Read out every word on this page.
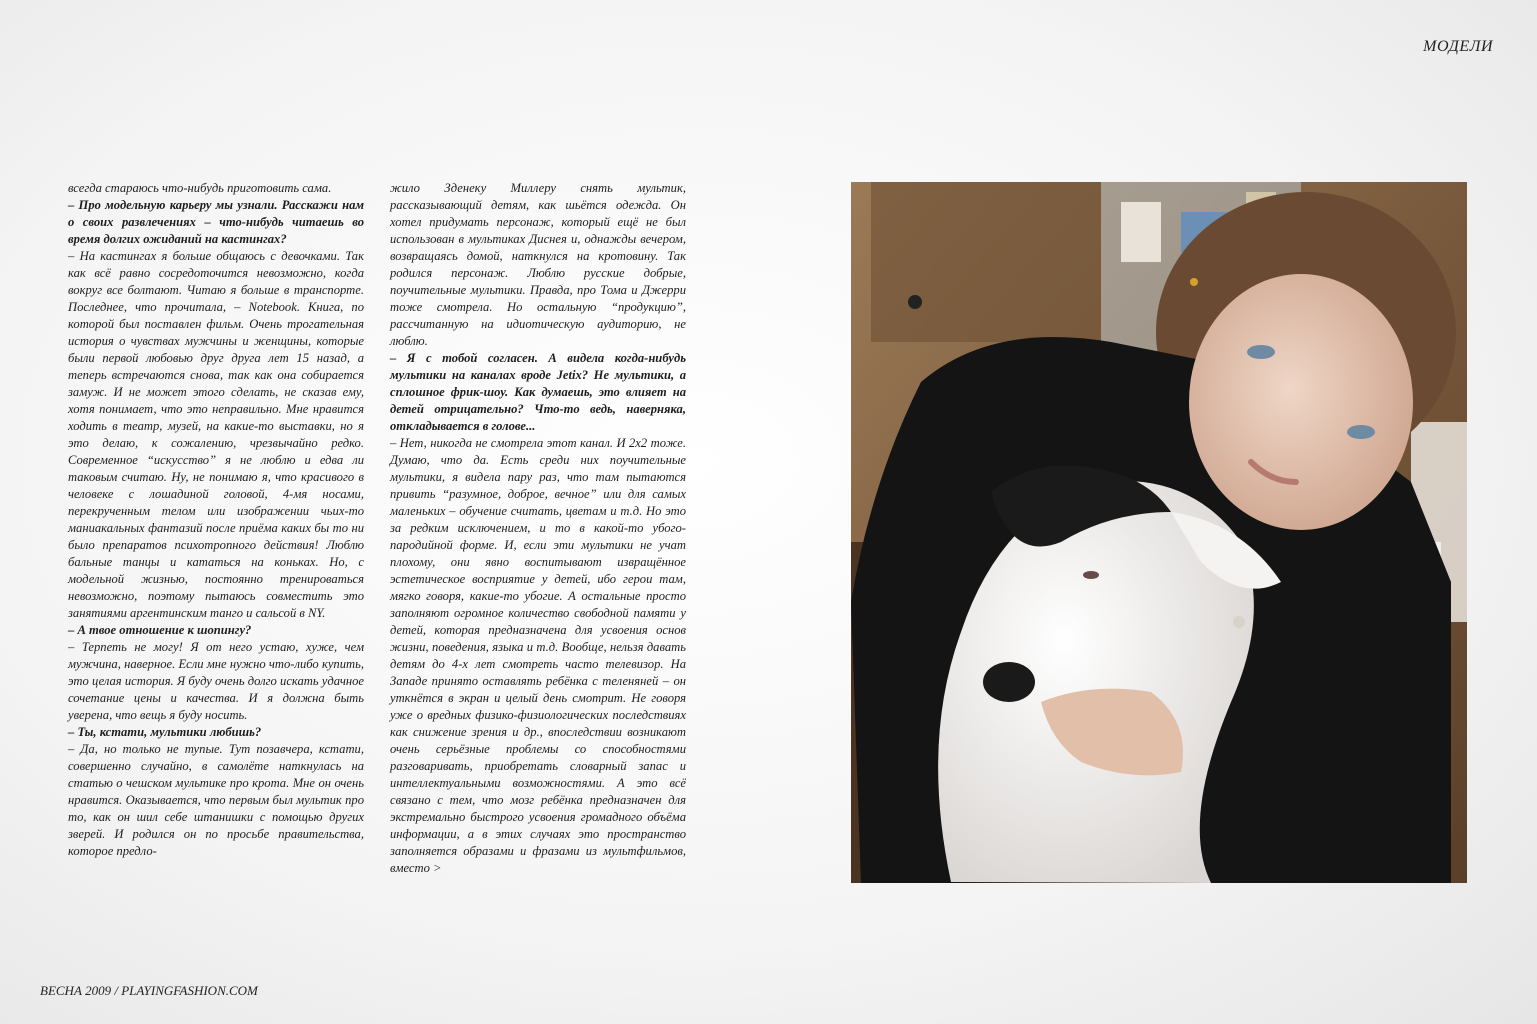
МОДЕЛИ

всегда стараюсь что-нибудь приготовить сама.

– Про модельную карьеру мы узнали. Расскажи нам о своих развлечениях – что-нибудь читаешь во время долгих ожиданий на кастингах?

– На кастингах я больше общаюсь с девочками. Так как всё равно сосредоточится невозможно, когда вокруг все болтают. Читаю я больше в транспорте. Последнее, что прочитала, – Notebook. Книга, по которой был поставлен фильм. Очень трогательная история о чувствах мужчины и женщины, которые были первой любовью друг друга лет 15 назад, а теперь встречаются снова, так как она собирается замуж. И не может этого сделать, не сказав ему, хотя понимает, что это неправильно. Мне нравится ходить в театр, музей, на какие-то выставки, но я это делаю, к сожалению, чрезвычайно редко. Современное “искусство” я не люблю и едва ли таковым считаю. Ну, не понимаю я, что красивого в человеке с лошадиной головой, 4-мя носами, перекрученным телом или изображении чьих-то маниакальных фантазий после приёма каких бы то ни было препаратов психотропного действия! Люблю бальные танцы и кататься на коньках. Но, с модельной жизнью, постоянно тренироваться невозможно, поэтому пытаюсь совместить это занятиями аргентинским танго и сальсой в NY.

– А твое отношение к шопингу?

– Терпеть не могу! Я от него устаю, хуже, чем мужчина, наверное. Если мне нужно что-либо купить, это целая история. Я буду очень долго искать удачное сочетание цены и качества. И я должна быть уверена, что вещь я буду носить.

– Ты, кстати, мультики любишь?

– Да, но только не тупые. Тут позавчера, кстати, совершенно случайно, в самолёте наткнулась на статью о чешском мультике про крота. Мне он очень нравится. Оказывается, что первым был мультик про то, как он шил себе штанишки с помощью других зверей. И родился он по просьбе правительства, которое предло-

жило Зденеку Миллеру снять мультик, рассказывающий детям, как шьётся одежда. Он хотел придумать персонаж, который ещё не был использован в мультиках Диснея и, однажды вечером, возвращаясь домой, наткнулся на кротовину. Так родился персонаж. Люблю русские добрые, поучительные мультики. Правда, про Тома и Джерри тоже смотрела. Но остальную “продукцию”, рассчитанную на идиотическую аудиторию, не люблю.

– Я с тобой согласен. А видела когда-нибудь мультики на каналах вроде Jetix? Не мультики, а сплошное фрик-шоу. Как думаешь, это влияет на детей отрицательно? Что-то ведь, наверняка, откладывается в голове...

– Нет, никогда не смотрела этот канал. И 2х2 тоже. Думаю, что да. Есть среди них поучительные мультики, я видела пару раз, что там пытаются привить “разумное, доброе, вечное” или для самых маленьких – обучение считать, цветам и т.д. Но это за редким исключением, и то в какой-то убого-пародийной форме. И, если эти мультики не учат плохому, они явно воспитывают извращённое эстетическое восприятие у детей, ибо герои там, мягко говоря, какие-то убогие. А остальные просто заполняют огромное количество свободной памяти у детей, которая предназначена для усвоения основ жизни, поведения, языка и т.д. Вообще, нельзя давать детям до 4-х лет смотреть часто телевизор. На Западе принято оставлять ребёнка с теленяней – он уткнётся в экран и целый день смотрит. Не говоря уже о вредных физико-физиологических последствиях как снижение зрения и др., впоследствии возникают очень серьёзные проблемы со способностями разговаривать, приобретать словарный запас и интеллектуальными возможностями. А это всё связано с тем, что мозг ребёнка предназначен для экстремально быстрого усвоения громадного объёма информации, а в этих случаях это пространство заполняется образами и фразами из мультфильмов, вместо >

ВЕСНА 2009 / PLAYINGFASHION.COM
